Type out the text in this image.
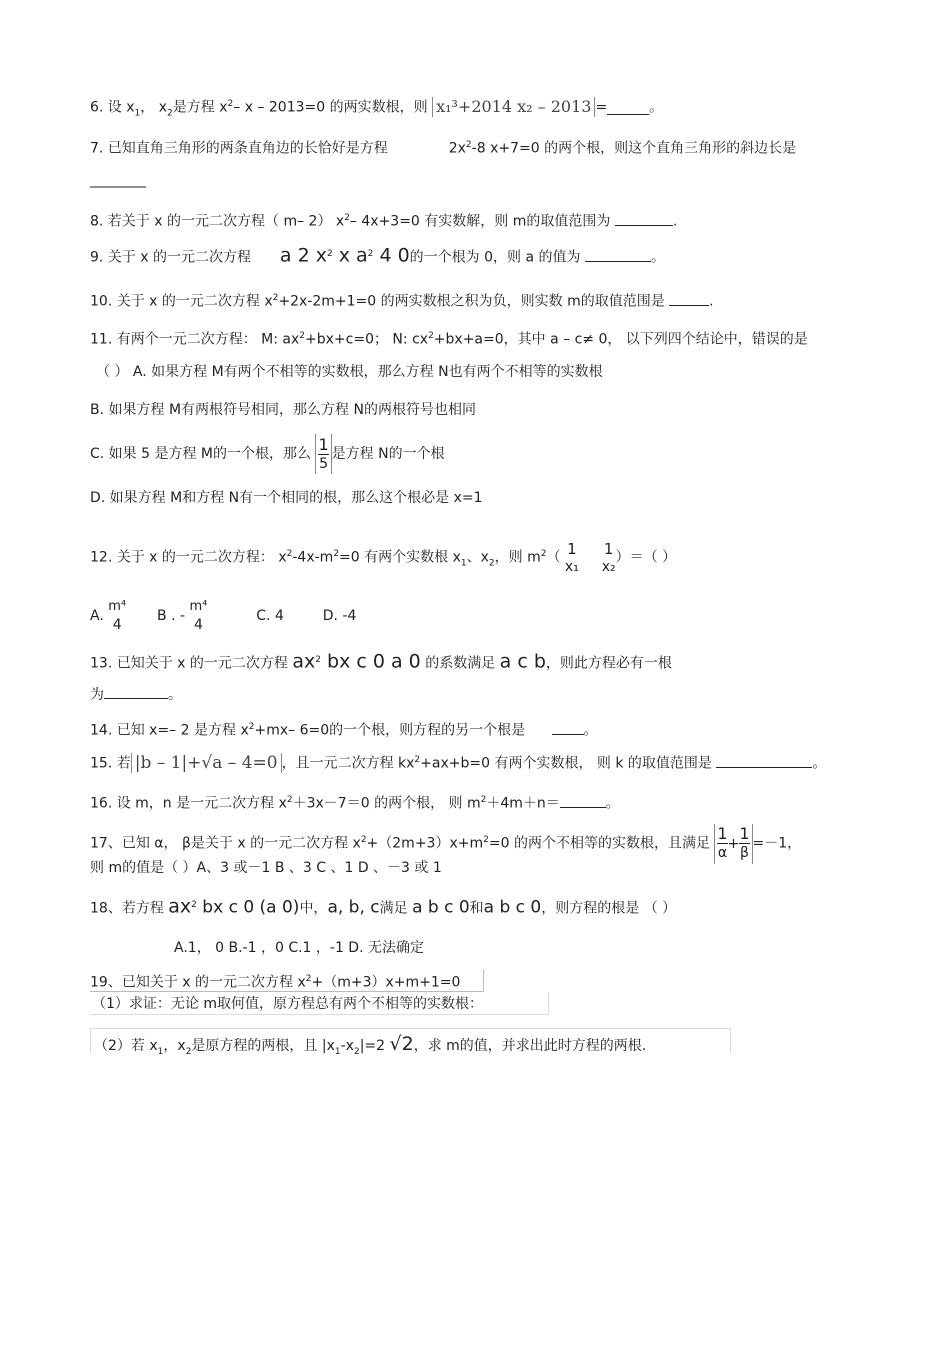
6. 设 $x_1$， $x_2$是方程 $x^2-$ x – 2013=0 的两实数根，则 x₁³+2014 x₂ – 2013 =______。
7. 已知直角三角形的两条直角边的长恰好是方程	$2x^2-8$ x+7=0 的两个根，则这个直角三角形的斜边长是
________
8. 若关于 x 的一元二次方程（ m– 2） $x^2-$ 4x+3=0 有实数解，则 m的取值范围为	.
9. 关于 x 的一元二次方程 a 2 $x^2$ x $a^2$ 4 0的一个根为 0，则 a 的值为	。
10. 关于 x 的一元二次方程 $x^2+2x-2m+1=0$ 的两实数根之积为负，则实数 m的取值范围是	.
11. 有两个一元二次方程： M: $ax^2+bx+c=0$； N: $cx^2+bx+a=0$，其中 a – c≠ 0， 以下列四个结论中，错误的是
（ ） A. 如果方程 M有两个不相等的实数根，那么方程 N也有两个不相等的实数根
B. 如果方程 M有两根符号相同，那么方程 N的两根符号也相同
C. 如果 5 是方程 M的一个根，那么 $\frac{1}{5}$ 是方程 N的一个根
D. 如果方程 M和方程 N有一个相同的根，那么这个根必是 x=1
12. 关于 x 的一元二次方程： $x^2-4x-m^2=0$ 有两个实数根 $x_1$、$x_2$，则 $m^2$（ 1
x₁

1
x₂
）＝（ ）
A.
m⁴
4
B . -
m⁴
4
C. 4	D. -4
13. 已知关于 x 的一元二次方程 $ax^2$ bx c 0 a 0 的系数满足 a c b，则此方程必有一根
为	。
14. 已知 x=– 2 是方程 $x^2+mx-$ 6=0的一个根，则方程的另一个根是	。
15. 若 |b – 1|+√a – 4=0 ，且一元二次方程 $kx^2+ax+b=0$ 有两个实数根， 则 k 的取值范围是	。
16. 设 m，n 是一元二次方程 $x^2+3x-7=0$ 的两个根， 则 $m^2+4m+n=$	。
17、已知 α， β是关于 x 的一元二次方程 $x^2+(2m+3)x+m^2=0$ 的两个不相等的实数根，且满足 $\frac{1}{\alpha} + \frac{1}{\beta} =-1$，
则 m的值是（ ）A、3 或－1 B 、3 C 、1 D 、－3 或 1
18、若方程 $ax^2$ bx c 0 (a 0)中，a, b, c满足 a b c 0和a b c 0，则方程的根是 （ ）
A.1， 0 B.-1 ，0 C.1 ，-1 D. 无法确定
19、已知关于 x 的一元二次方程 $x^2+(m+3)x+m+1=0$
（1）求证：无论 m取何值，原方程总有两个不相等的实数根：
（2）若 $x_1$，$x_2$是原方程的两根，且 $|x_1-x_2|=2$ √2，求 m的值，并求出此时方程的两根.
